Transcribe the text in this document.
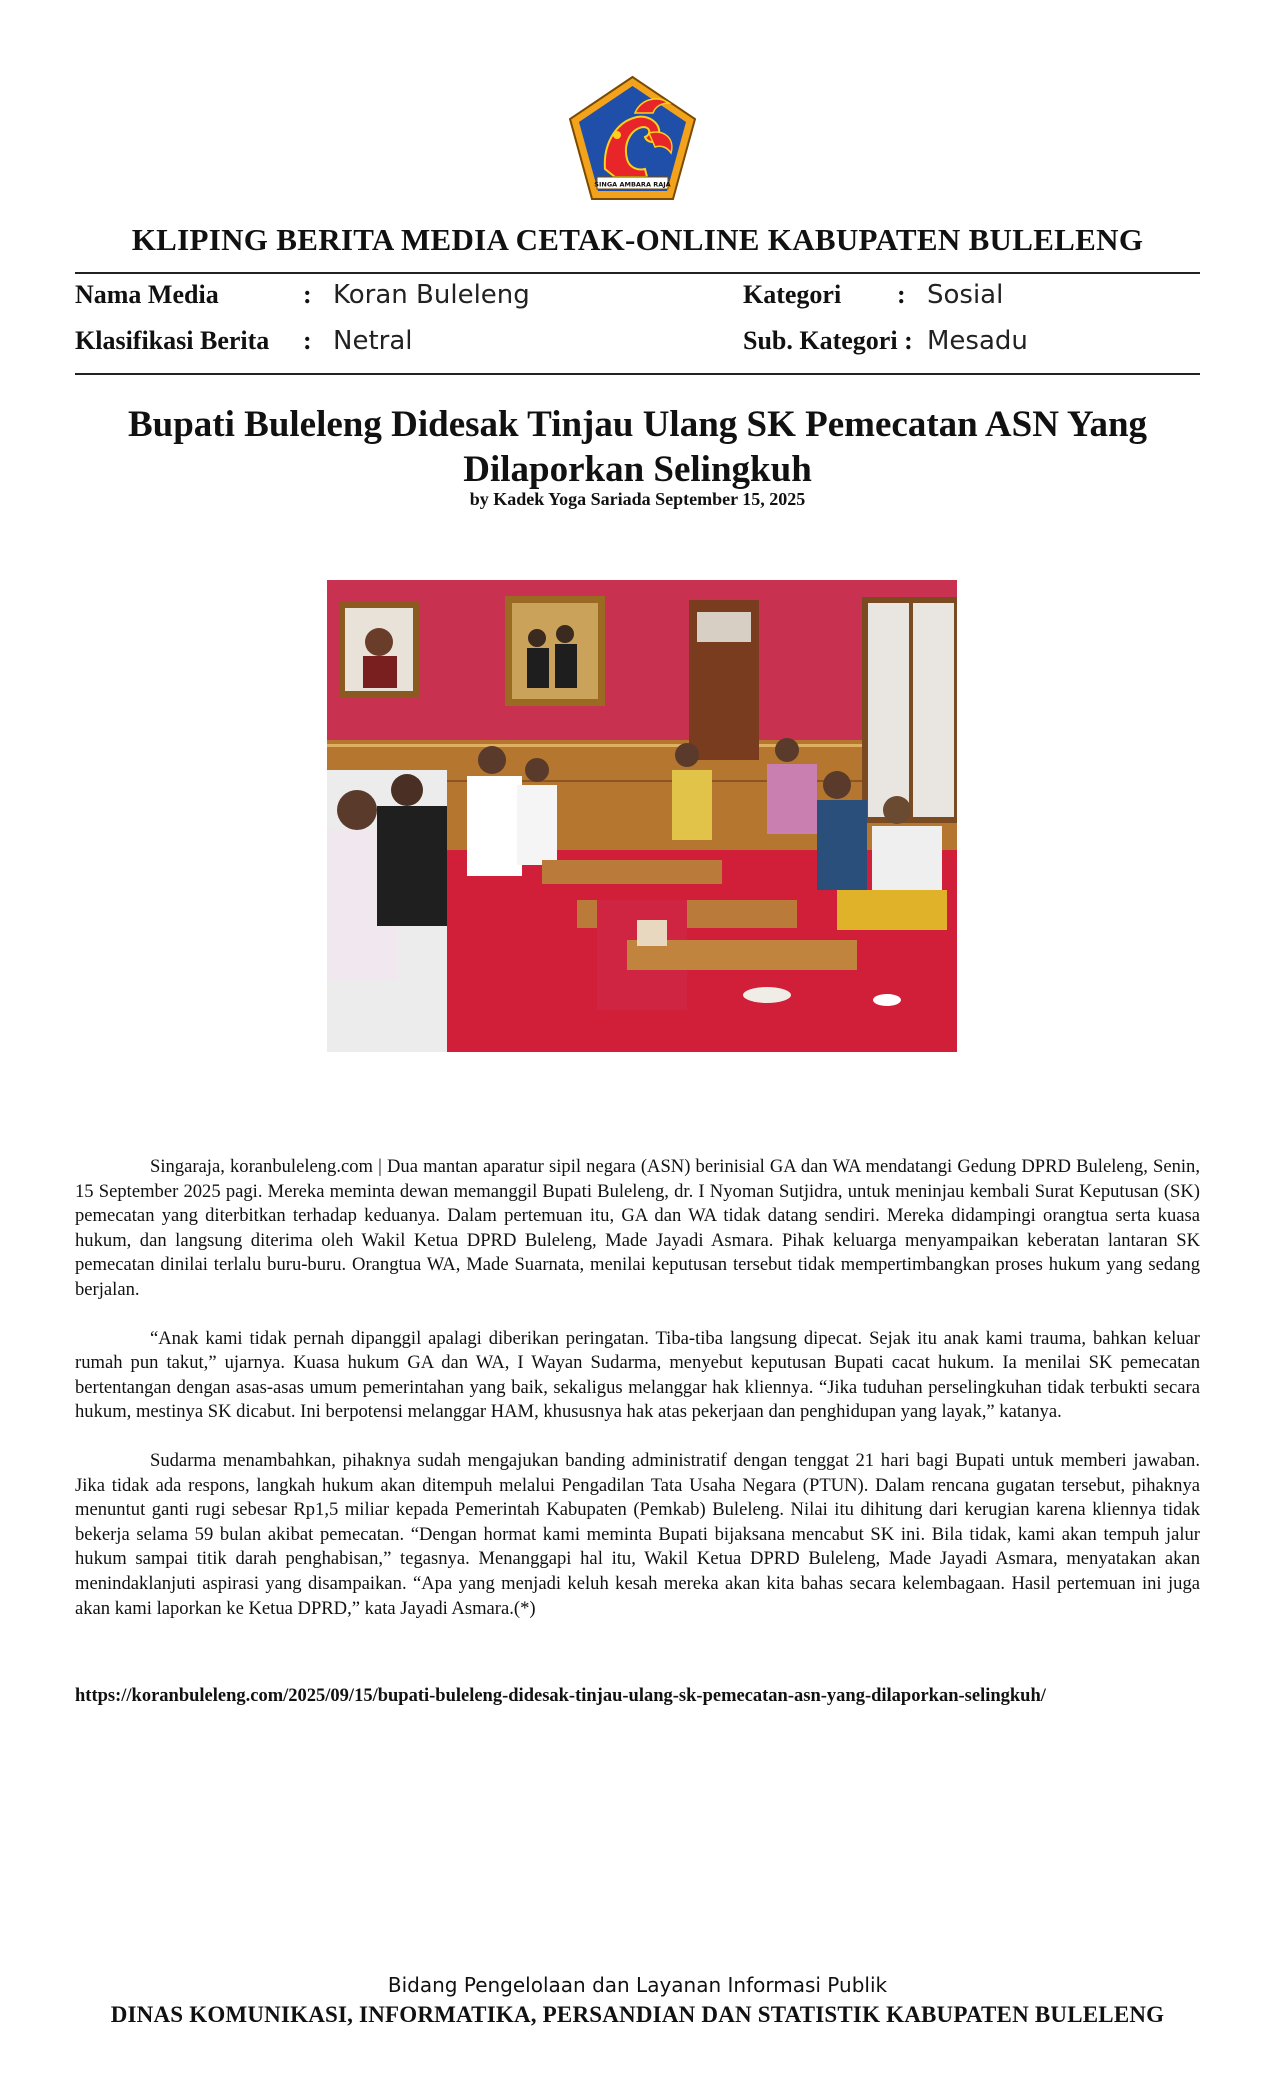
SINGA AMBARA RAJA
KLIPING BERITA MEDIA CETAK-ONLINE KABUPATEN BULELENG
Nama Media	: Koran Buleleng	Kategori : Sosial
Klasifikasi Berita : Netral	Sub. Kategori : Mesadu
Bupati Buleleng Didesak Tinjau Ulang SK Pemecatan ASN Yang Dilaporkan Selingkuh
by Kadek Yoga Sariada September 15, 2025

Singaraja, koranbuleleng.com | Dua mantan aparatur sipil negara (ASN) berinisial GA dan WA mendatangi Gedung DPRD Buleleng, Senin, 15 September 2025 pagi. Mereka meminta dewan memanggil Bupati Buleleng, dr. I Nyoman Sutjidra, untuk meninjau kembali Surat Keputusan (SK) pemecatan yang diterbitkan terhadap keduanya. Dalam pertemuan itu, GA dan WA tidak datang sendiri. Mereka didampingi orangtua serta kuasa hukum, dan langsung diterima oleh Wakil Ketua DPRD Buleleng, Made Jayadi Asmara. Pihak keluarga menyampaikan keberatan lantaran SK pemecatan dinilai terlalu buru-buru. Orangtua WA, Made Suarnata, menilai keputusan tersebut tidak mempertimbangkan proses hukum yang sedang berjalan.

“Anak kami tidak pernah dipanggil apalagi diberikan peringatan. Tiba-tiba langsung dipecat. Sejak itu anak kami trauma, bahkan keluar rumah pun takut,” ujarnya. Kuasa hukum GA dan WA, I Wayan Sudarma, menyebut keputusan Bupati cacat hukum. Ia menilai SK pemecatan bertentangan dengan asas-asas umum pemerintahan yang baik, sekaligus melanggar hak kliennya. “Jika tuduhan perselingkuhan tidak terbukti secara hukum, mestinya SK dicabut. Ini berpotensi melanggar HAM, khususnya hak atas pekerjaan dan penghidupan yang layak,” katanya.

Sudarma menambahkan, pihaknya sudah mengajukan banding administratif dengan tenggat 21 hari bagi Bupati untuk memberi jawaban. Jika tidak ada respons, langkah hukum akan ditempuh melalui Pengadilan Tata Usaha Negara (PTUN). Dalam rencana gugatan tersebut, pihaknya menuntut ganti rugi sebesar Rp1,5 miliar kepada Pemerintah Kabupaten (Pemkab) Buleleng. Nilai itu dihitung dari kerugian karena kliennya tidak bekerja selama 59 bulan akibat pemecatan. “Dengan hormat kami meminta Bupati bijaksana mencabut SK ini. Bila tidak, kami akan tempuh jalur hukum sampai titik darah penghabisan,” tegasnya. Menanggapi hal itu, Wakil Ketua DPRD Buleleng, Made Jayadi Asmara, menyatakan akan menindaklanjuti aspirasi yang disampaikan. “Apa yang menjadi keluh kesah mereka akan kita bahas secara kelembagaan. Hasil pertemuan ini juga akan kami laporkan ke Ketua DPRD,” kata Jayadi Asmara.(*)

https://koranbuleleng.com/2025/09/15/bupati-buleleng-didesak-tinjau-ulang-sk-pemecatan-asn-yang-dilaporkan-selingkuh/
Bidang Pengelolaan dan Layanan Informasi Publik
DINAS KOMUNIKASI, INFORMATIKA, PERSANDIAN DAN STATISTIK KABUPATEN BULELENG
